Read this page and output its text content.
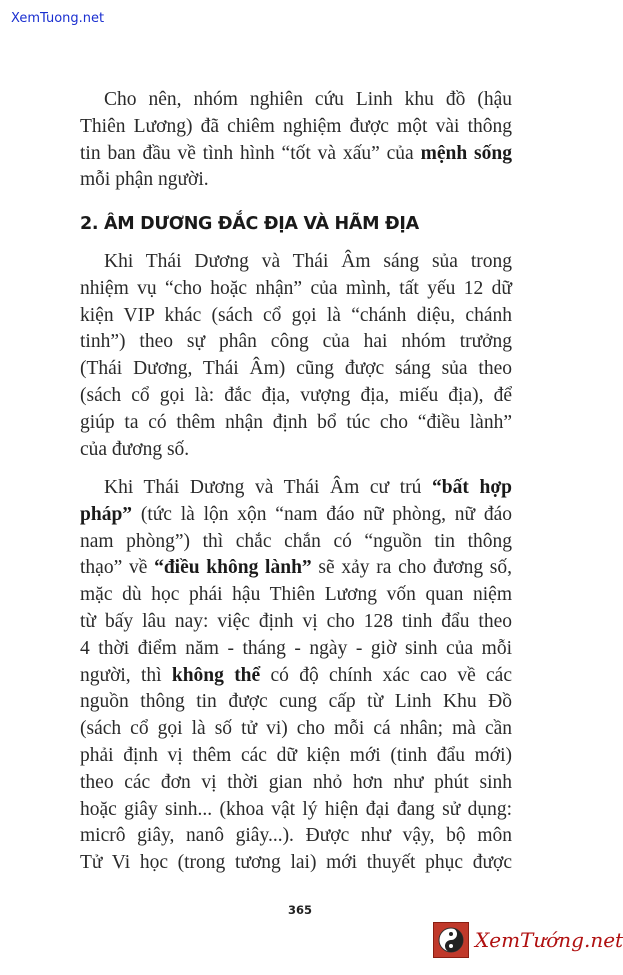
XemTuong.net
Cho nên, nhóm nghiên cứu Linh khu đồ (hậu
Thiên Lương) đã chiêm nghiệm được một vài thông
tin ban đầu về tình hình “tốt và xấu” của mệnh sống
mỗi phận người.
Khi Thái Dương và Thái Âm sáng sủa trong
nhiệm vụ “cho hoặc nhận” của mình, tất yếu 12 dữ
kiện VIP khác (sách cổ gọi là “chánh diệu, chánh
tinh”) theo sự phân công của hai nhóm trưởng
(Thái Dương, Thái Âm) cũng được sáng sủa theo
(sách cổ gọi là: đắc địa, vượng địa, miếu địa), để
giúp ta có thêm nhận định bổ túc cho “điều lành”
của đương số.
Khi Thái Dương và Thái Âm cư trú “bất hợp
pháp” (tức là lộn xộn “nam đáo nữ phòng, nữ đáo
nam phòng”) thì chắc chắn có “nguồn tin thông
thạo” về “điều không lành” sẽ xảy ra cho đương số,
mặc dù học phái hậu Thiên Lương vốn quan niệm
từ bấy lâu nay: việc định vị cho 128 tinh đẩu theo
4 thời điểm năm - tháng - ngày - giờ sinh của mỗi
người, thì không thể có độ chính xác cao về các
nguồn thông tin được cung cấp từ Linh Khu Đồ
(sách cổ gọi là số tử vi) cho mỗi cá nhân; mà cần
phải định vị thêm các dữ kiện mới (tinh đẩu mới)
theo các đơn vị thời gian nhỏ hơn như phút sinh
hoặc giây sinh... (khoa vật lý hiện đại đang sử dụng:
micrô giây, nanô giây...). Được như vậy, bộ môn
Tử Vi học (trong tương lai) mới thuyết phục được
2. ÂM DƯƠNG ĐẮC ĐỊA VÀ HÃM ĐỊA
365
XemTướng.net
